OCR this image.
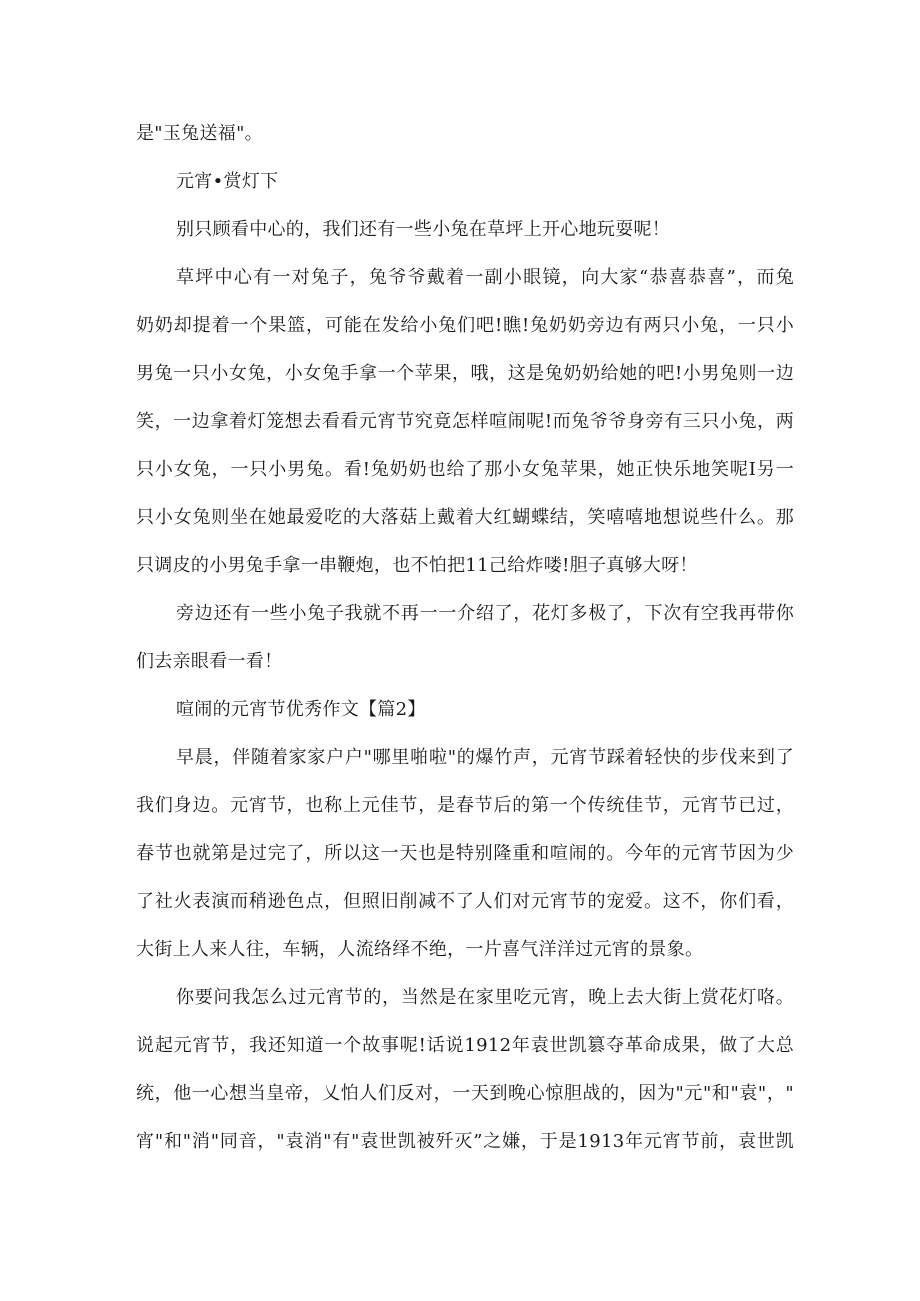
是"玉兔送福"。
元宵•赏灯下
别只顾看中心的，我们还有一些小兔在草坪上开心地玩耍呢！
草坪中心有一对兔子，兔爷爷戴着一副小眼镜，向大家“恭喜恭喜”，而兔
奶奶却提着一个果篮，可能在发给小兔们吧!瞧!兔奶奶旁边有两只小兔，一只小
男兔一只小女兔，小女兔手拿一个苹果，哦，这是兔奶奶给她的吧!小男兔则一边
笑，一边拿着灯笼想去看看元宵节究竟怎样喧闹呢!而兔爷爷身旁有三只小兔，两
只小女兔，一只小男兔。看!兔奶奶也给了那小女兔苹果，她正快乐地笑呢I另一
只小女兔则坐在她最爱吃的大落菇上戴着大红蝴蝶结，笑嘻嘻地想说些什么。那
只调皮的小男兔手拿一串鞭炮，也不怕把11己给炸喽!胆子真够大呀！
旁边还有一些小兔子我就不再一一介绍了，花灯多极了，下次有空我再带你
们去亲眼看一看！
喧闹的元宵节优秀作文【篇2】
早晨，伴随着家家户户"哪里啪啦"的爆竹声，元宵节踩着轻快的步伐来到了
我们身边。元宵节，也称上元佳节，是春节后的第一个传统佳节，元宵节已过，
春节也就第是过完了，所以这一天也是特别隆重和喧闹的。今年的元宵节因为少
了社火表演而稍逊色点，但照旧削减不了人们对元宵节的宠爱。这不，你们看，
大街上人来人往，车辆，人流络绎不绝，一片喜气洋洋过元宵的景象。
你要问我怎么过元宵节的，当然是在家里吃元宵，晚上去大街上赏花灯咯。
说起元宵节，我还知道一个故事呢!话说1912年袁世凯篡夺革命成果，做了大总
统，他一心想当皇帝，乂怕人们反对，一天到晚心惊胆战的，因为"元"和"袁"，"
宵"和"消"同音，"袁消"有"袁世凯被歼灭”之嫌，于是1913年元宵节前，袁世凯
